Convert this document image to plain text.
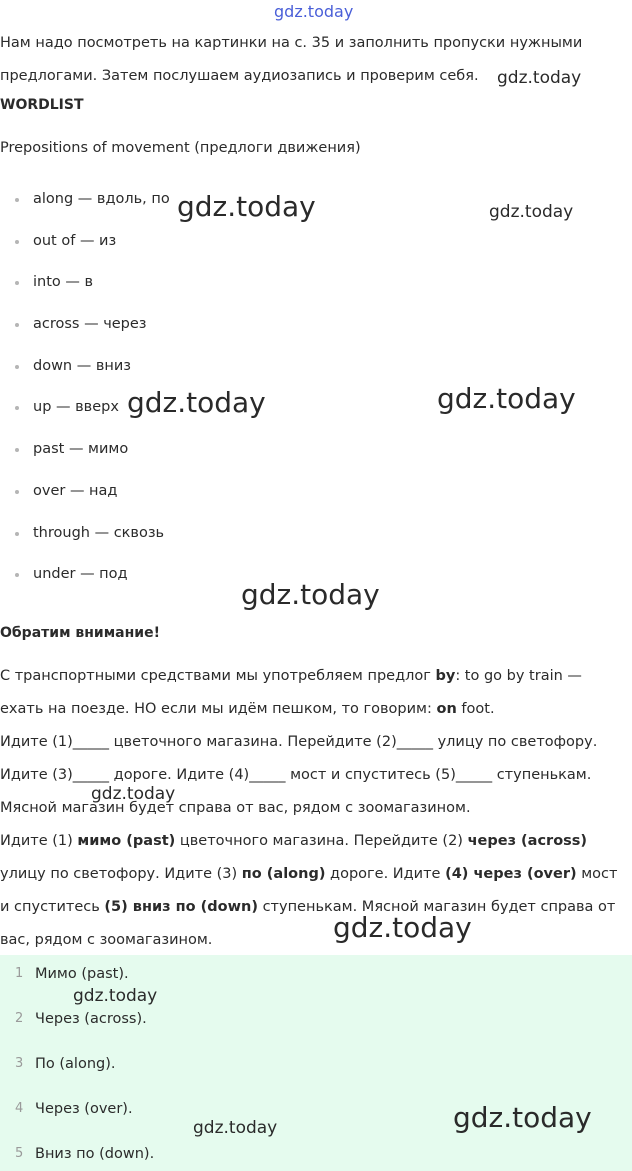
Нам надо посмотреть на картинки на с. 35 и заполнить пропуски нужными предлогами. Затем послушаем аудиозапись и проверим себя.

WORDLIST

Prepositions of movement (предлоги движения)

along — вдоль, по
out of — из
into — в
across — через
down — вниз
up — вверх
past — мимо
over — над
through — сквозь
under — под
Обратим внимание!

С транспортными средствами мы употребляем предлог by: to go by train — ехать на поезде. НО если мы идём пешком, то говорим: on foot.

Идите (1)_____ цветочного магазина. Перейдите (2)_____ улицу по светофору. Идите (3)_____ дороге. Идите (4)_____ мост и спуститесь (5)_____ ступенькам. Мясной магазин будет справа от вас, рядом с зоомагазином.

Идите (1) мимо (past) цветочного магазина. Перейдите (2) через (across) улицу по светофору. Идите (3) по (along) дороге. Идите (4) через (over) мост и спуститесь (5) вниз по (down) ступенькам. Мясной магазин будет справа от вас, рядом с зоомагазином.

1 Мимо (past).
2 Через (across).
3 По (along).
4 Через (over).
5 Вниз по (down).
gdz.today
gdz.today
gdz.today	gdz.today
gdz.today	gdz.today
gdz.today
gdz.today
gdz.today
gdz.today
gdz.today
gdz.today
